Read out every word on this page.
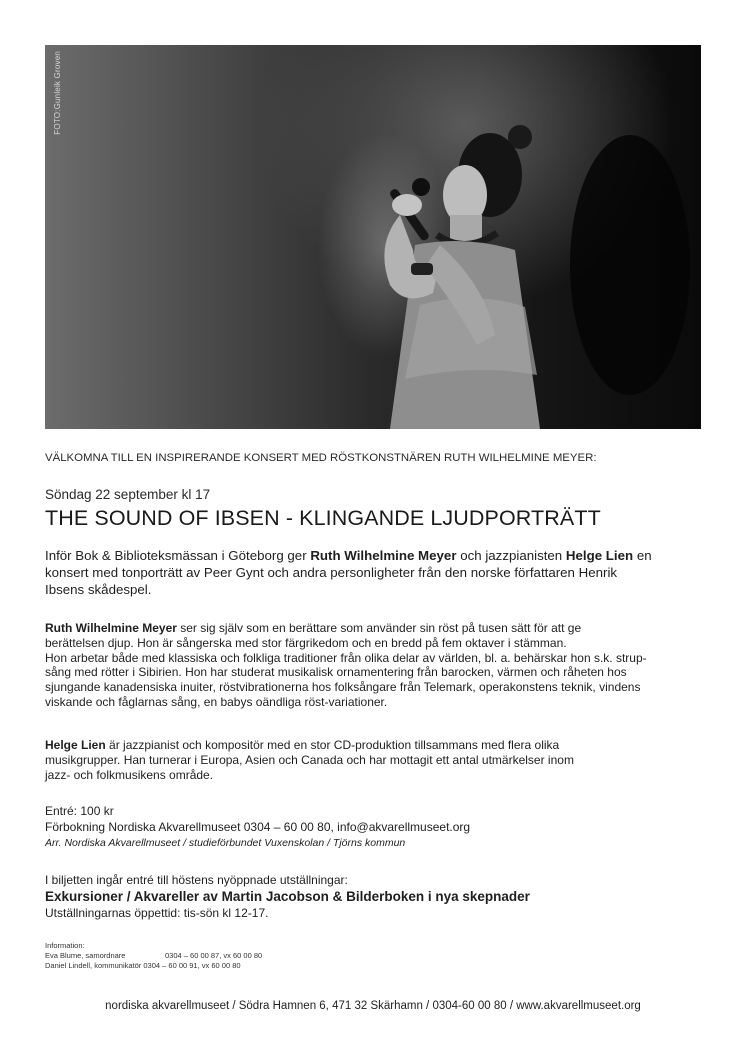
FOTO:Gunleik Groven
VÄLKOMNA TILL EN INSPIRERANDE KONSERT MED RÖSTKONSTNÄREN RUTH WILHELMINE MEYER:
Söndag 22 september kl 17
THE SOUND OF IBSEN - KLINGANDE LJUDPORTRÄTT
Inför Bok & Biblioteksmässan i Göteborg ger Ruth Wilhelmine Meyer och jazzpianisten Helge Lien en
konsert med tonporträtt av Peer Gynt och andra personligheter från den norske författaren Henrik
Ibsens skådespel.
Ruth Wilhelmine Meyer ser sig själv som en berättare som använder sin röst på tusen sätt för att ge
berättelsen djup. Hon är sångerska med stor färgrikedom och en bredd på fem oktaver i stämman.
Hon arbetar både med klassiska och folkliga traditioner från olika delar av världen, bl. a. behärskar hon s.k. strup-
sång med rötter i Sibirien. Hon har studerat musikalisk ornamentering från barocken, värmen och råheten hos
sjungande kanadensiska inuiter, röstvibrationerna hos folksångare från Telemark, operakonstens teknik, vindens
viskande och fåglarnas sång, en babys oändliga röst-variationer.
Helge Lien är jazzpianist och kompositör med en stor CD-produktion tillsammans med flera olika
musikgrupper. Han turnerar i Europa, Asien och Canada och har mottagit ett antal utmärkelser inom
jazz- och folkmusikens område.
Entré: 100 kr
Förbokning Nordiska Akvarellmuseet 0304 – 60 00 80, info@akvarellmuseet.org
Arr. Nordiska Akvarellmuseet / studieförbundet Vuxenskolan / Tjörns kommun
I biljetten ingår entré till höstens nyöppnade utställningar:
Exkursioner / Akvareller av Martin Jacobson & Bilderboken i nya skepnader
Utställningarnas öppettid: tis-sön kl 12-17.
Information:
Eva Blume, samordnare	0304 – 60 00 87, vx 60 00 80
Daniel Lindell, kommunikatör 0304 – 60 00 91, vx 60 00 80
nordiska akvarellmuseet / Södra Hamnen 6, 471 32 Skärhamn / 0304-60 00 80 / www.akvarellmuseet.org
